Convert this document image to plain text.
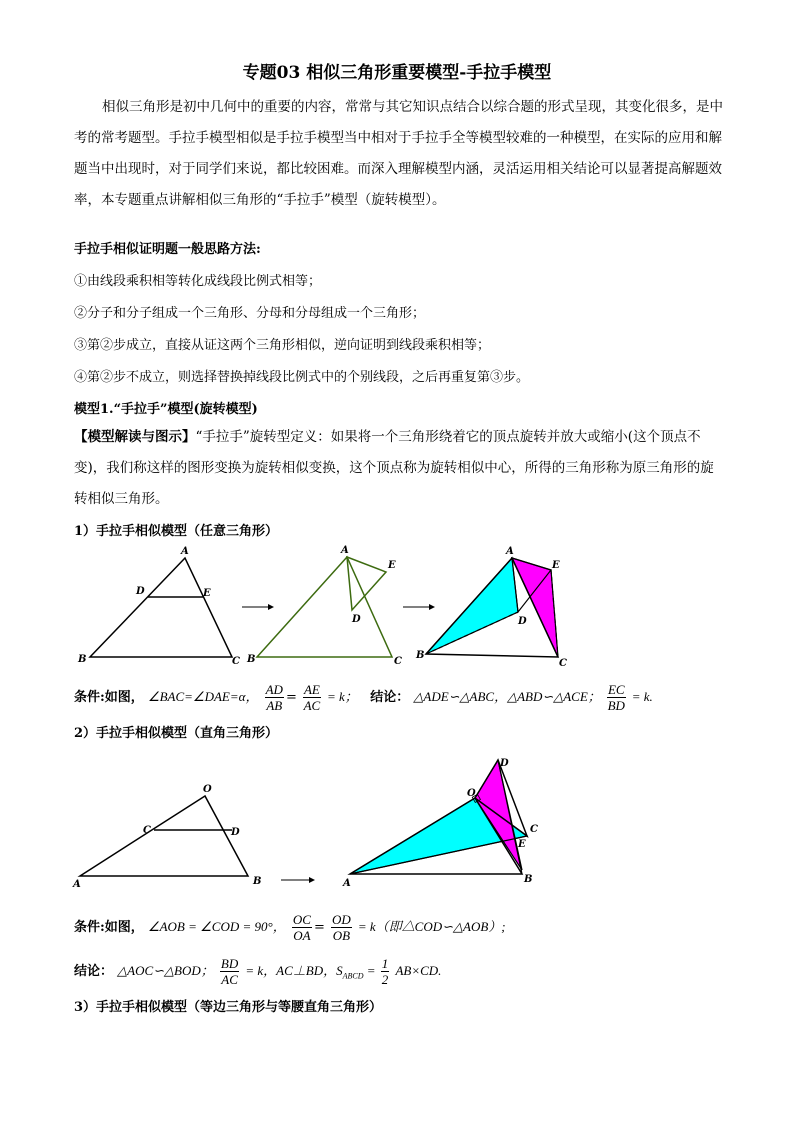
专题03 相似三角形重要模型-手拉手模型
相似三角形是初中几何中的重要的内容，常常与其它知识点结合以综合题的形式呈现，其变化很多，是中考的常考题型。手拉手模型相似是手拉手模型当中相对于手拉手全等模型较难的一种模型，在实际的应用和解题当中出现时，对于同学们来说，都比较困难。而深入理解模型内涵，灵活运用相关结论可以显著提高解题效率，本专题重点讲解相似三角形的“手拉手”模型（旋转模型）。
手拉手相似证明题一般思路方法:
①由线段乘积相等转化成线段比例式相等；
②分子和分子组成一个三角形、分母和分母组成一个三角形；
③第②步成立，直接从证这两个三角形相似，逆向证明到线段乘积相等；
④第②步不成立，则选择替换掉线段比例式中的个别线段，之后再重复第③步。
模型1.“手拉手”模型(旋转模型)
【模型解读与图示】“手拉手”旋转型定义：如果将一个三角形绕着它的顶点旋转并放大或缩小(这个顶点不变)，我们称这样的图形变换为旋转相似变换，这个顶点称为旋转相似中心，所得的三角形称为原三角形的旋转相似三角形。
1）手拉手相似模型（任意三角形）
A
D	E
B	C
A
E
D
B	C
A
E
D
B
C
条件:如图， ∠BAC=∠DAE=α， $\frac{AD}{AB} = \frac{AE}{AC} = k$； 结论： △ADE∽△ABC，△ABD∽△ACE； $\frac{EC}{BD} = k$.
2）手拉手相似模型（直角三角形）
O
C	D
A	B
D
O
C
E
A	B
条件:如图， ∠AOB = ∠COD = 90°， $\frac{OC}{OA} = \frac{OD}{OB} = k$（即△COD∽△AOB）;
结论： △AOC∽△BOD； $\frac{BD}{AC} = k$，AC⊥BD，$S_{ABCD} = \frac{1}{2} AB\times CD$.
3）手拉手相似模型（等边三角形与等腰直角三角形）
